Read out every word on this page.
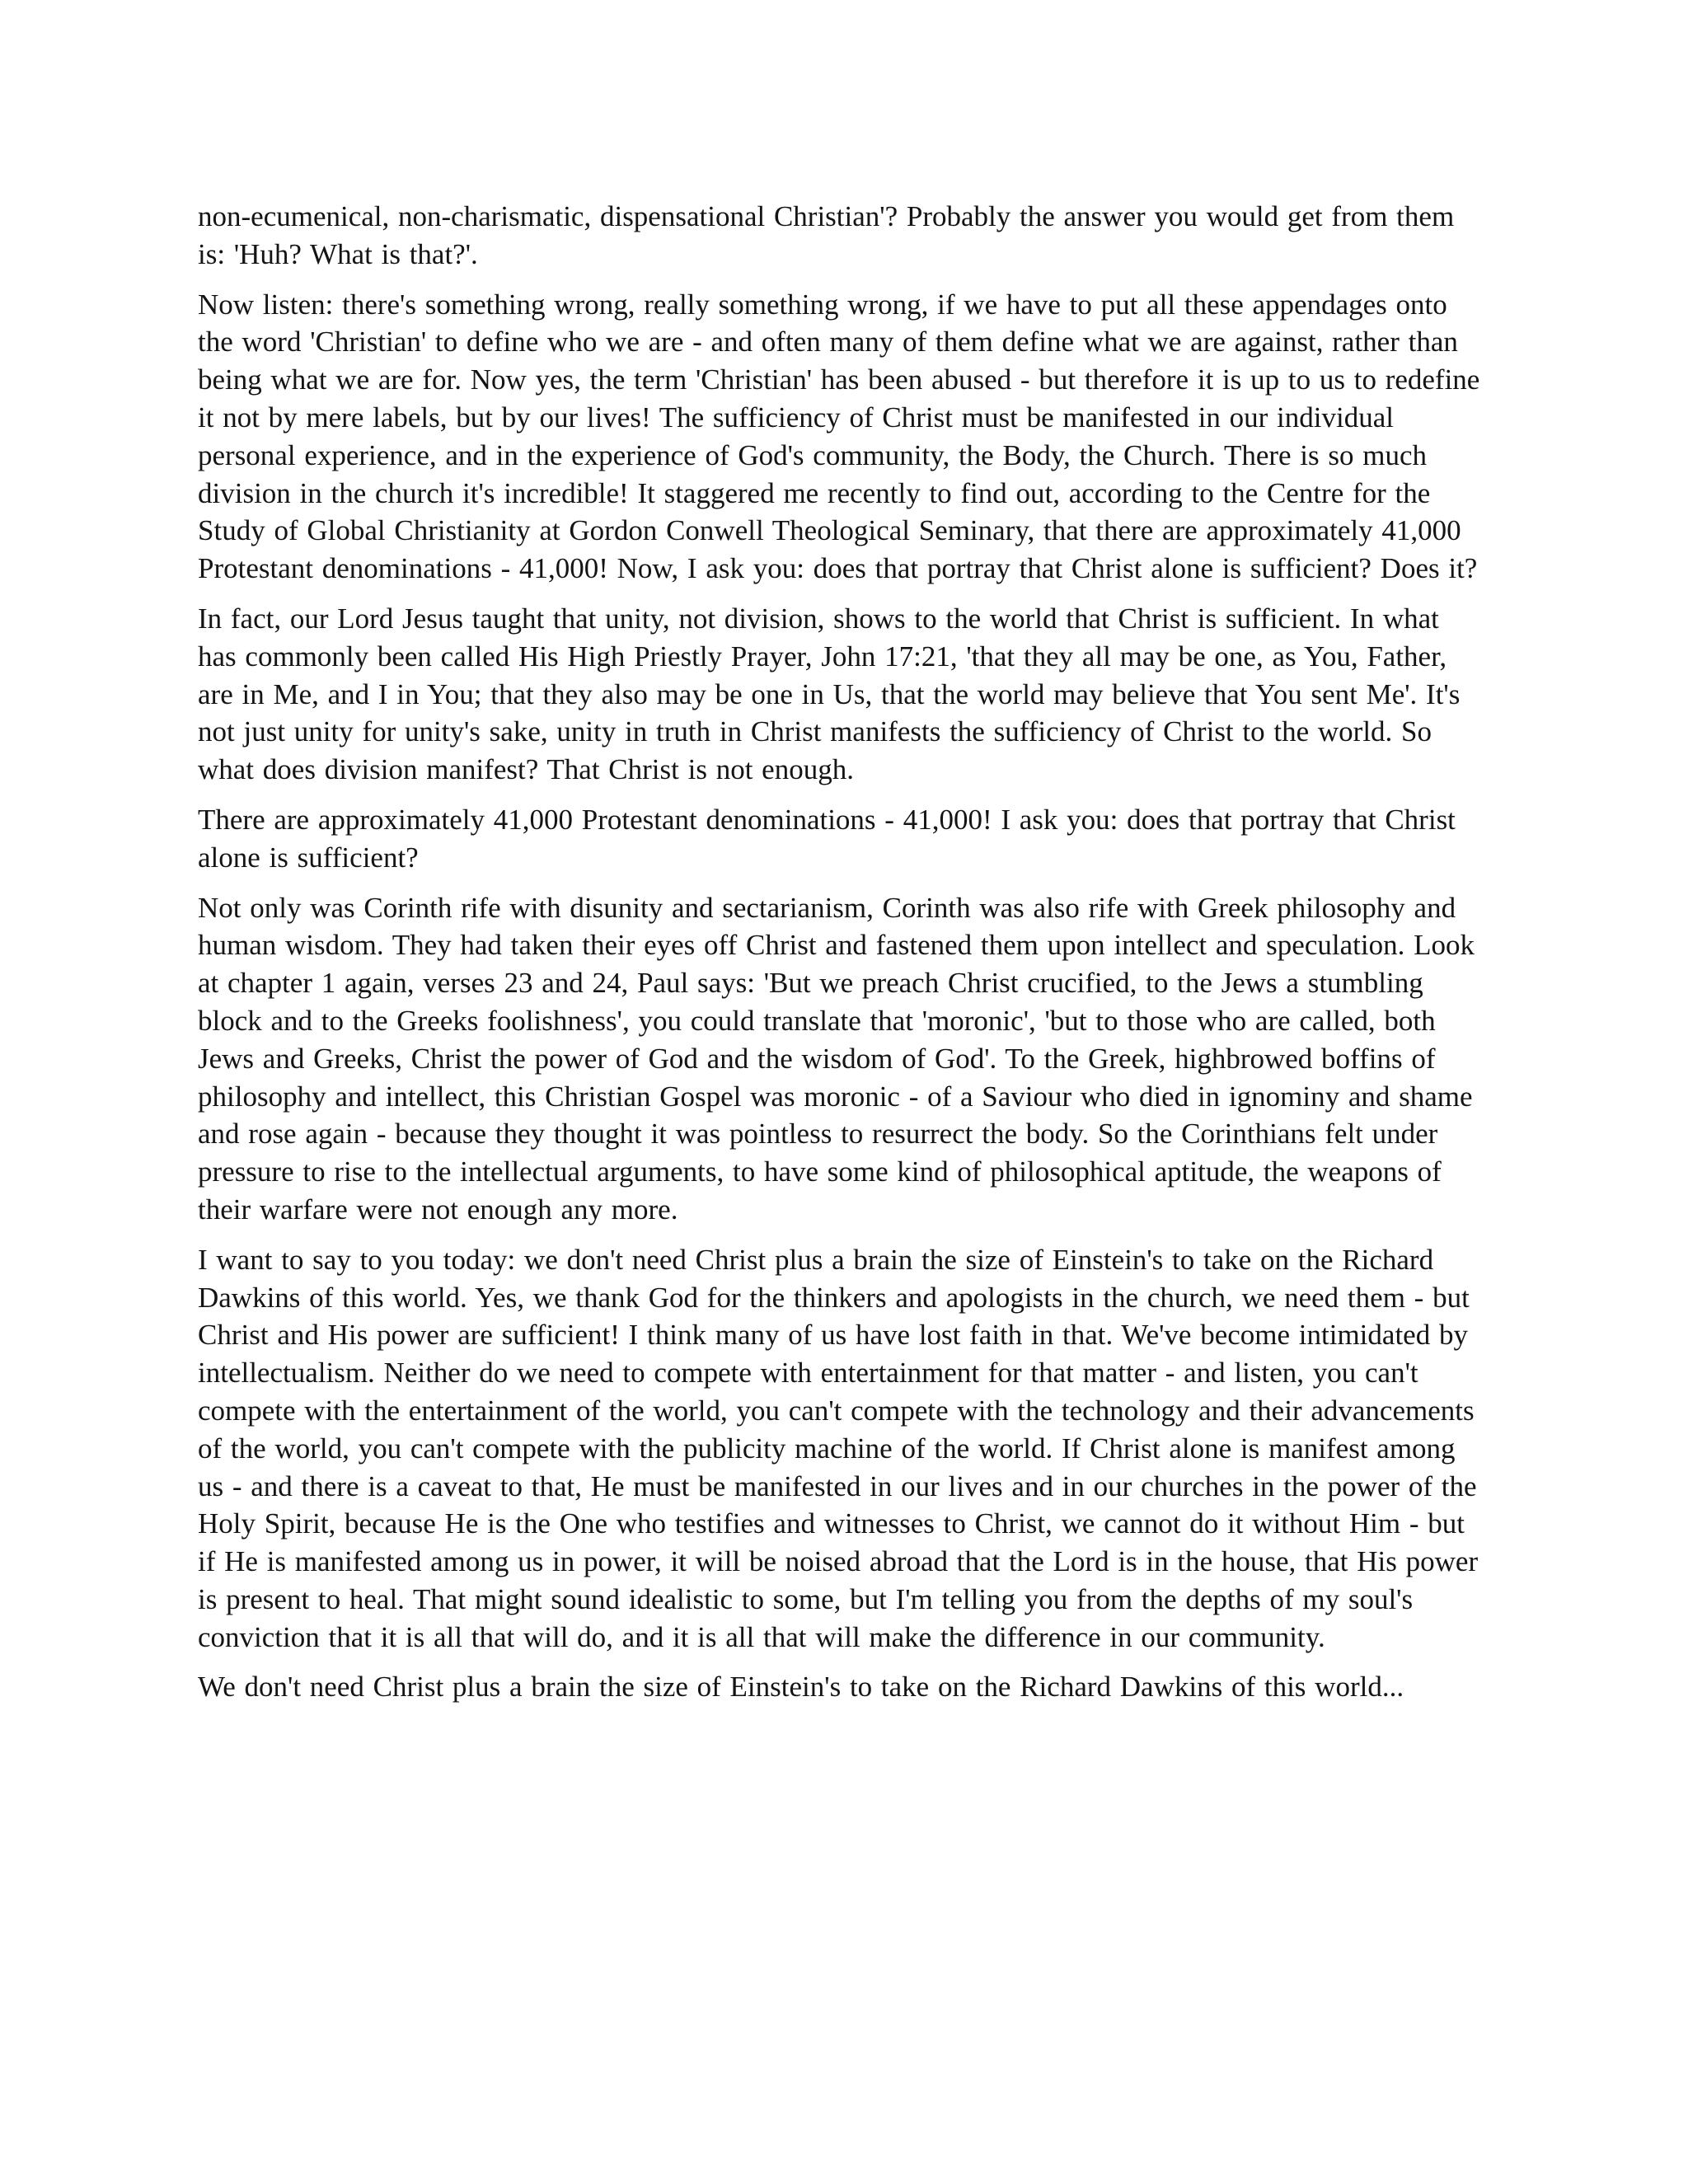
non-ecumenical, non-charismatic, dispensational Christian'? Probably the answer you would get from them is: 'Huh? What is that?'.

Now listen: there's something wrong, really something wrong, if we have to put all these appendages onto the word 'Christian' to define who we are - and often many of them define what we are against, rather than being what we are for. Now yes, the term 'Christian' has been abused - but therefore it is up to us to redefine it not by mere labels, but by our lives! The sufficiency of Christ must be manifested in our individual personal experience, and in the experience of God's community, the Body, the Church. There is so much division in the church it's incredible! It staggered me recently to find out, according to the Centre for the Study of Global Christianity at Gordon Conwell Theological Seminary, that there are approximately 41,000 Protestant denominations - 41,000! Now, I ask you: does that portray that Christ alone is sufficient? Does it?

In fact, our Lord Jesus taught that unity, not division, shows to the world that Christ is sufficient. In what has commonly been called His High Priestly Prayer, John 17:21, 'that they all may be one, as You, Father, are in Me, and I in You; that they also may be one in Us, that the world may believe that You sent Me'. It's not just unity for unity's sake, unity in truth in Christ manifests the sufficiency of Christ to the world. So what does division manifest? That Christ is not enough.

There are approximately 41,000 Protestant denominations - 41,000! I ask you: does that portray that Christ alone is sufficient?

Not only was Corinth rife with disunity and sectarianism, Corinth was also rife with Greek philosophy and human wisdom. They had taken their eyes off Christ and fastened them upon intellect and speculation. Look at chapter 1 again, verses 23 and 24, Paul says: 'But we preach Christ crucified, to the Jews a stumbling block and to the Greeks foolishness', you could translate that 'moronic', 'but to those who are called, both Jews and Greeks, Christ the power of God and the wisdom of God'. To the Greek, highbrowed boffins of philosophy and intellect, this Christian Gospel was moronic - of a Saviour who died in ignominy and shame and rose again - because they thought it was pointless to resurrect the body. So the Corinthians felt under pressure to rise to the intellectual arguments, to have some kind of philosophical aptitude, the weapons of their warfare were not enough any more.

I want to say to you today: we don't need Christ plus a brain the size of Einstein's to take on the Richard Dawkins of this world. Yes, we thank God for the thinkers and apologists in the church, we need them - but Christ and His power are sufficient! I think many of us have lost faith in that. We've become intimidated by intellectualism. Neither do we need to compete with entertainment for that matter - and listen, you can't compete with the entertainment of the world, you can't compete with the technology and their advancements of the world, you can't compete with the publicity machine of the world. If Christ alone is manifest among us - and there is a caveat to that, He must be manifested in our lives and in our churches in the power of the Holy Spirit, because He is the One who testifies and witnesses to Christ, we cannot do it without Him - but if He is manifested among us in power, it will be noised abroad that the Lord is in the house, that His power is present to heal. That might sound idealistic to some, but I'm telling you from the depths of my soul's conviction that it is all that will do, and it is all that will make the difference in our community.

We don't need Christ plus a brain the size of Einstein's to take on the Richard Dawkins of this world...
